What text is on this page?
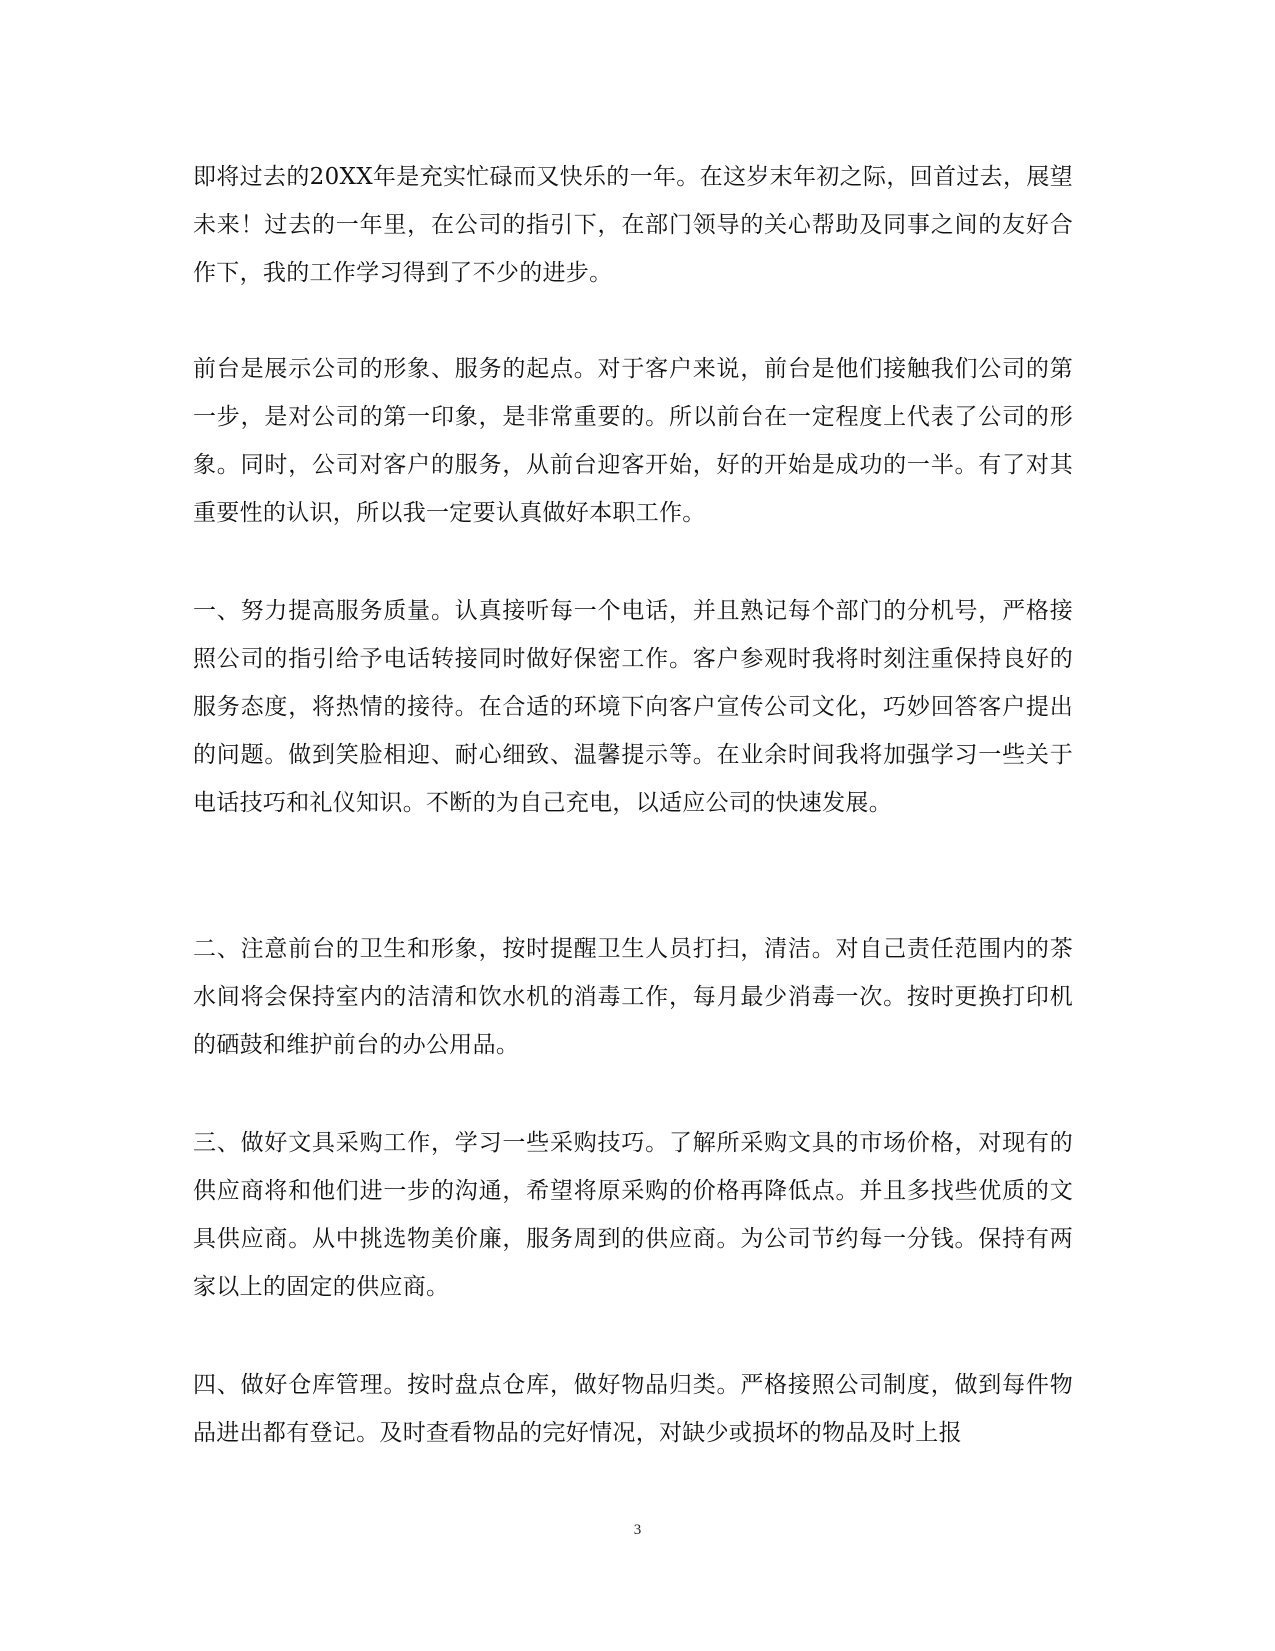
即将过去的20XX年是充实忙碌而又快乐的一年。在这岁末年初之际，回首过去，展望未来！过去的一年里，在公司的指引下，在部门领导的关心帮助及同事之间的友好合作下，我的工作学习得到了不少的进步。

前台是展示公司的形象、服务的起点。对于客户来说，前台是他们接触我们公司的第一步，是对公司的第一印象，是非常重要的。所以前台在一定程度上代表了公司的形象。同时，公司对客户的服务，从前台迎客开始，好的开始是成功的一半。有了对其重要性的认识，所以我一定要认真做好本职工作。

一、努力提高服务质量。认真接听每一个电话，并且熟记每个部门的分机号，严格接照公司的指引给予电话转接同时做好保密工作。客户参观时我将时刻注重保持良好的服务态度，将热情的接待。在合适的环境下向客户宣传公司文化，巧妙回答客户提出的问题。做到笑脸相迎、耐心细致、温馨提示等。在业余时间我将加强学习一些关于电话技巧和礼仪知识。不断的为自己充电，以适应公司的快速发展。

二、注意前台的卫生和形象，按时提醒卫生人员打扫，清洁。对自己责任范围内的茶水间将会保持室内的洁清和饮水机的消毒工作，每月最少消毒一次。按时更换打印机的硒鼓和维护前台的办公用品。

三、做好文具采购工作，学习一些采购技巧。了解所采购文具的市场价格，对现有的供应商将和他们进一步的沟通，希望将原采购的价格再降低点。并且多找些优质的文具供应商。从中挑选物美价廉，服务周到的供应商。为公司节约每一分钱。保持有两家以上的固定的供应商。

四、做好仓库管理。按时盘点仓库，做好物品归类。严格接照公司制度，做到每件物品进出都有登记。及时查看物品的完好情况，对缺少或损坏的物品及时上报

3
